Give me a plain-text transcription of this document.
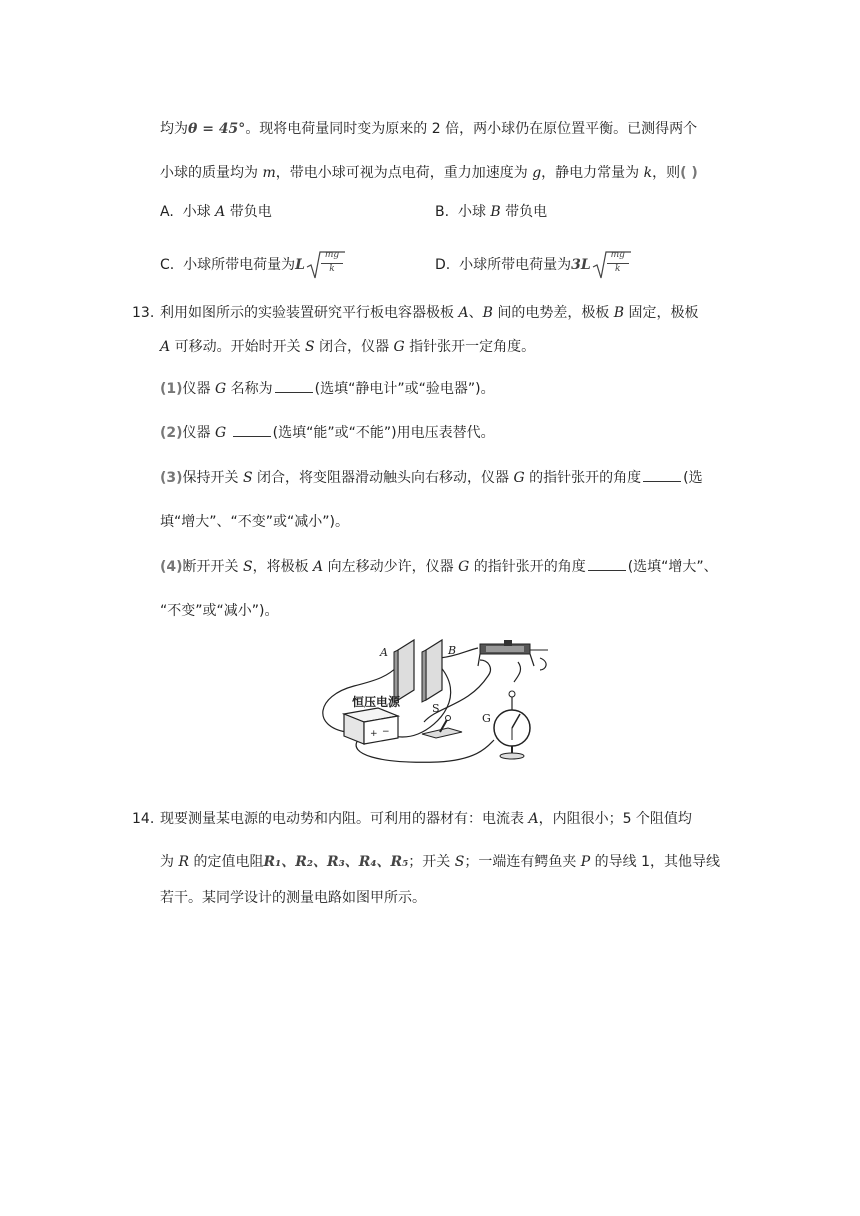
均为θ = 45°。现将电荷量同时变为原来的 2 倍，两小球仍在原位置平衡。已测得两个
小球的质量均为 m，带电小球可视为点电荷，重力加速度为 g，静电力常量为 k，则( )
A. 小球 A 带负电	B. 小球 B 带负电
C. 小球所带电荷量为L $\frac{mg}{k}$	D. 小球所带电荷量为$3L \frac{mg}{k}$
13. 利用如图所示的实验装置研究平行板电容器极板 A、B 间的电势差，极板 B 固定，极板
A 可移动。开始时开关 S 闭合，仪器 G 指针张开一定角度。
(1)仪器 G 名称为	(选填“静电计”或“验电器”)。
(2)仪器 G	(选填“能”或“不能”)用电压表替代。
(3)保持开关 S 闭合，将变阻器滑动触头向右移动，仪器 G 的指针张开的角度	(选
填“增大”、“不变”或“减小”)。
(4)断开开关 S，将极板 A 向左移动少许，仪器 G 的指针张开的角度	(选填“增大”、
“不变”或“减小”)。
A	B
S
G
恒压电源
+ −
14. 现要测量某电源的电动势和内阻。可利用的器材有：电流表 A，内阻很小；5 个阻值均
为 R 的定值电阻R₁、R₂、R₃、R₄、R₅；开关 S；一端连有鳄鱼夹 P 的导线 1，其他导线
若干。某同学设计的测量电路如图甲所示。
